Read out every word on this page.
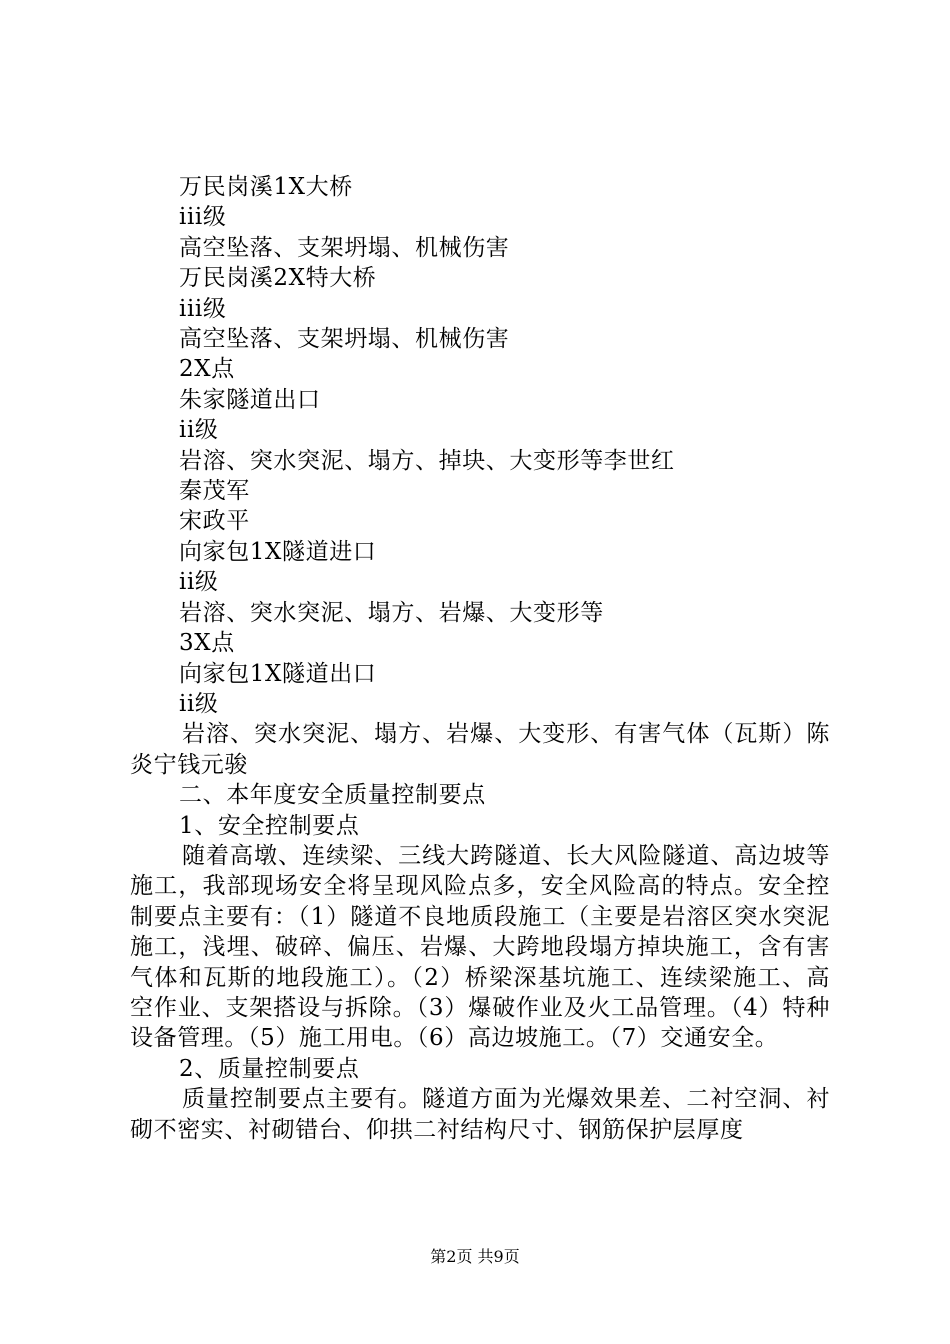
万民岗溪1X大桥
iii级
高空坠落、支架坍塌、机械伤害
万民岗溪2X特大桥
iii级
高空坠落、支架坍塌、机械伤害
2X点
朱家隧道出口
ii级
岩溶、突水突泥、塌方、掉块、大变形等李世红
秦茂军
宋政平
向家包1X隧道进口
ii级
岩溶、突水突泥、塌方、岩爆、大变形等
3X点
向家包1X隧道出口
ii级

岩溶、突水突泥、塌方、岩爆、大变形、有害气体（瓦斯）陈炎宁钱元骏

二、本年度安全质量控制要点
1、安全控制要点

随着高墩、连续梁、三线大跨隧道、长大风险隧道、高边坡等施工，我部现场安全将呈现风险点多，安全风险高的特点。安全控制要点主要有：（1）隧道不良地质段施工（主要是岩溶区突水突泥施工，浅埋、破碎、偏压、岩爆、大跨地段塌方掉块施工，含有害气体和瓦斯的地段施工）。（2）桥梁深基坑施工、连续梁施工、高空作业、支架搭设与拆除。（3）爆破作业及火工品管理。（4）特种设备管理。（5）施工用电。（6）高边坡施工。（7）交通安全。

2、质量控制要点

质量控制要点主要有。隧道方面为光爆效果差、二衬空洞、衬砌不密实、衬砌错台、仰拱二衬结构尺寸、钢筋保护层厚度

第2页 共9页
